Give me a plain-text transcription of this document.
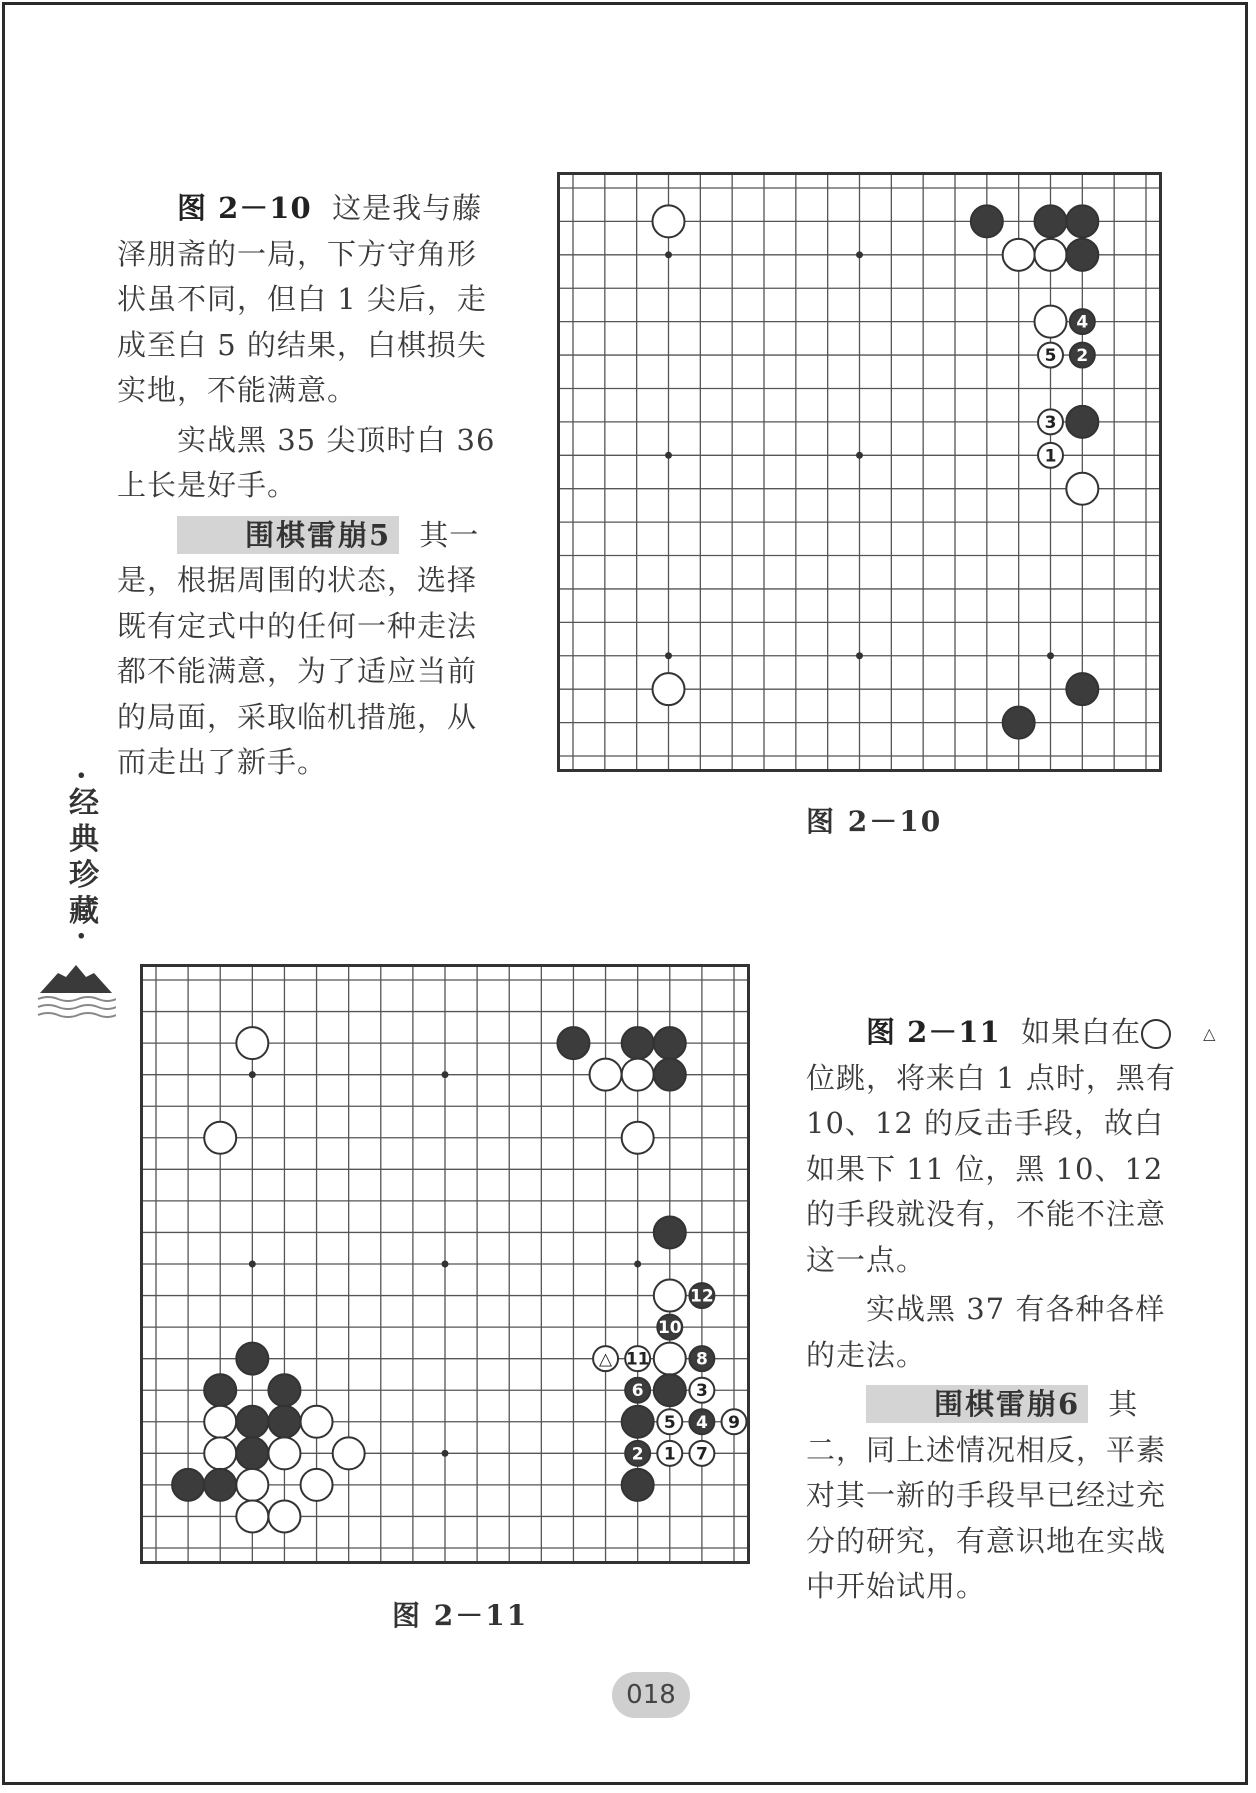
图 2－10 这是我与藤泽朋斋的一局，下方守角形状虽不同，但白 1 尖后，走成至白 5 的结果，白棋损失实地，不能满意。

实战黑 35 尖顶时白 36 上长是好手。

围棋雷崩5 其一是，根据周围的状态，选择既有定式中的任何一种走法都不能满意，为了适应当前的局面，采取临机措施，从而走出了新手。

4
5 2
3
1
图 2－10
·经典珍藏·
12
10
△ 11	8
6	3
5 4 9
2 1 7
图 2－11

图 2－11 如果白在	△位跳，将来白 1 点时，黑有 10、12 的反击手段，故白如果下 11 位，黑 10、12 的手段就没有，不能不注意这一点。

实战黑 37 有各种各样的走法。

围棋雷崩6 其二，同上述情况相反，平素对其一新的手段早已经过充分的研究，有意识地在实战中开始试用。

018
